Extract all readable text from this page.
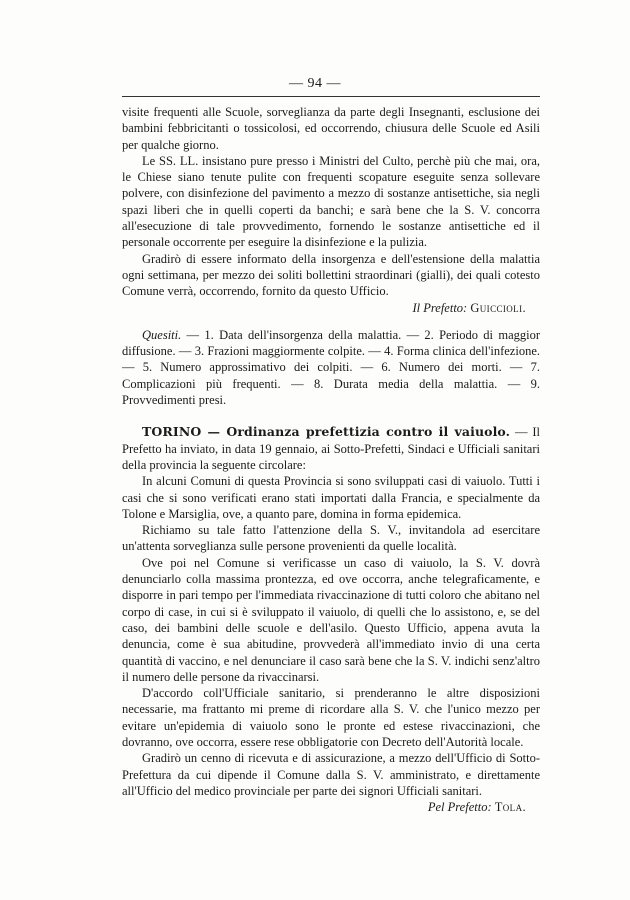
— 94 —

visite frequenti alle Scuole, sorveglianza da parte degli Insegnanti, esclusione dei bambini febbricitanti o tossicolosi, ed occorrendo, chiusura delle Scuole ed Asili per qualche giorno.

Le SS. LL. insistano pure presso i Ministri del Culto, perchè più che mai, ora, le Chiese siano tenute pulite con frequenti scopature eseguite senza sollevare polvere, con disinfezione del pavimento a mezzo di sostanze antisettiche, sia negli spazi liberi che in quelli coperti da banchi; e sarà bene che la S. V. concorra all'esecuzione di tale provvedimento, fornendo le sostanze antisettiche ed il personale occorrente per eseguire la disinfezione e la pulizia.

Gradirò di essere informato della insorgenza e dell'estensione della malattia ogni settimana, per mezzo dei soliti bollettini straordinari (gialli), dei quali cotesto Comune verrà, occorrendo, fornito da questo Ufficio.

Il Prefetto: Guiccioli.

Quesiti. — 1. Data dell'insorgenza della malattia. — 2. Periodo di maggior diffusione. — 3. Frazioni maggiormente colpite. — 4. Forma clinica dell'infezione. — 5. Numero approssimativo dei colpiti. — 6. Numero dei morti. — 7. Complicazioni più frequenti. — 8. Durata media della malattia. — 9. Provvedimenti presi.

TORINO — Ordinanza prefettizia contro il vaiuolo. — Il Prefetto ha inviato, in data 19 gennaio, ai Sotto-Prefetti, Sindaci e Ufficiali sanitari della provincia la seguente circolare:

In alcuni Comuni di questa Provincia si sono sviluppati casi di vaiuolo. Tutti i casi che si sono verificati erano stati importati dalla Francia, e specialmente da Tolone e Marsiglia, ove, a quanto pare, domina in forma epidemica.

Richiamo su tale fatto l'attenzione della S. V., invitandola ad esercitare un'attenta sorveglianza sulle persone provenienti da quelle località.

Ove poi nel Comune si verificasse un caso di vaiuolo, la S. V. dovrà denunciarlo colla massima prontezza, ed ove occorra, anche telegraficamente, e disporre in pari tempo per l'immediata rivaccinazione di tutti coloro che abitano nel corpo di case, in cui si è sviluppato il vaiuolo, di quelli che lo assistono, e, se del caso, dei bambini delle scuole e dell'asilo. Questo Ufficio, appena avuta la denuncia, come è sua abitudine, provvederà all'immediato invio di una certa quantità di vaccino, e nel denunciare il caso sarà bene che la S. V. indichi senz'altro il numero delle persone da rivaccinarsi.

D'accordo coll'Ufficiale sanitario, si prenderanno le altre disposizioni necessarie, ma frattanto mi preme di ricordare alla S. V. che l'unico mezzo per evitare un'epidemia di vaiuolo sono le pronte ed estese rivaccinazioni, che dovranno, ove occorra, essere rese obbligatorie con Decreto dell'Autorità locale.

Gradirò un cenno di ricevuta e di assicurazione, a mezzo dell'Ufficio di Sotto-Prefettura da cui dipende il Comune dalla S. V. amministrato, e direttamente all'Ufficio del medico provinciale per parte dei signori Ufficiali sanitari.

Pel Prefetto: Tola.
